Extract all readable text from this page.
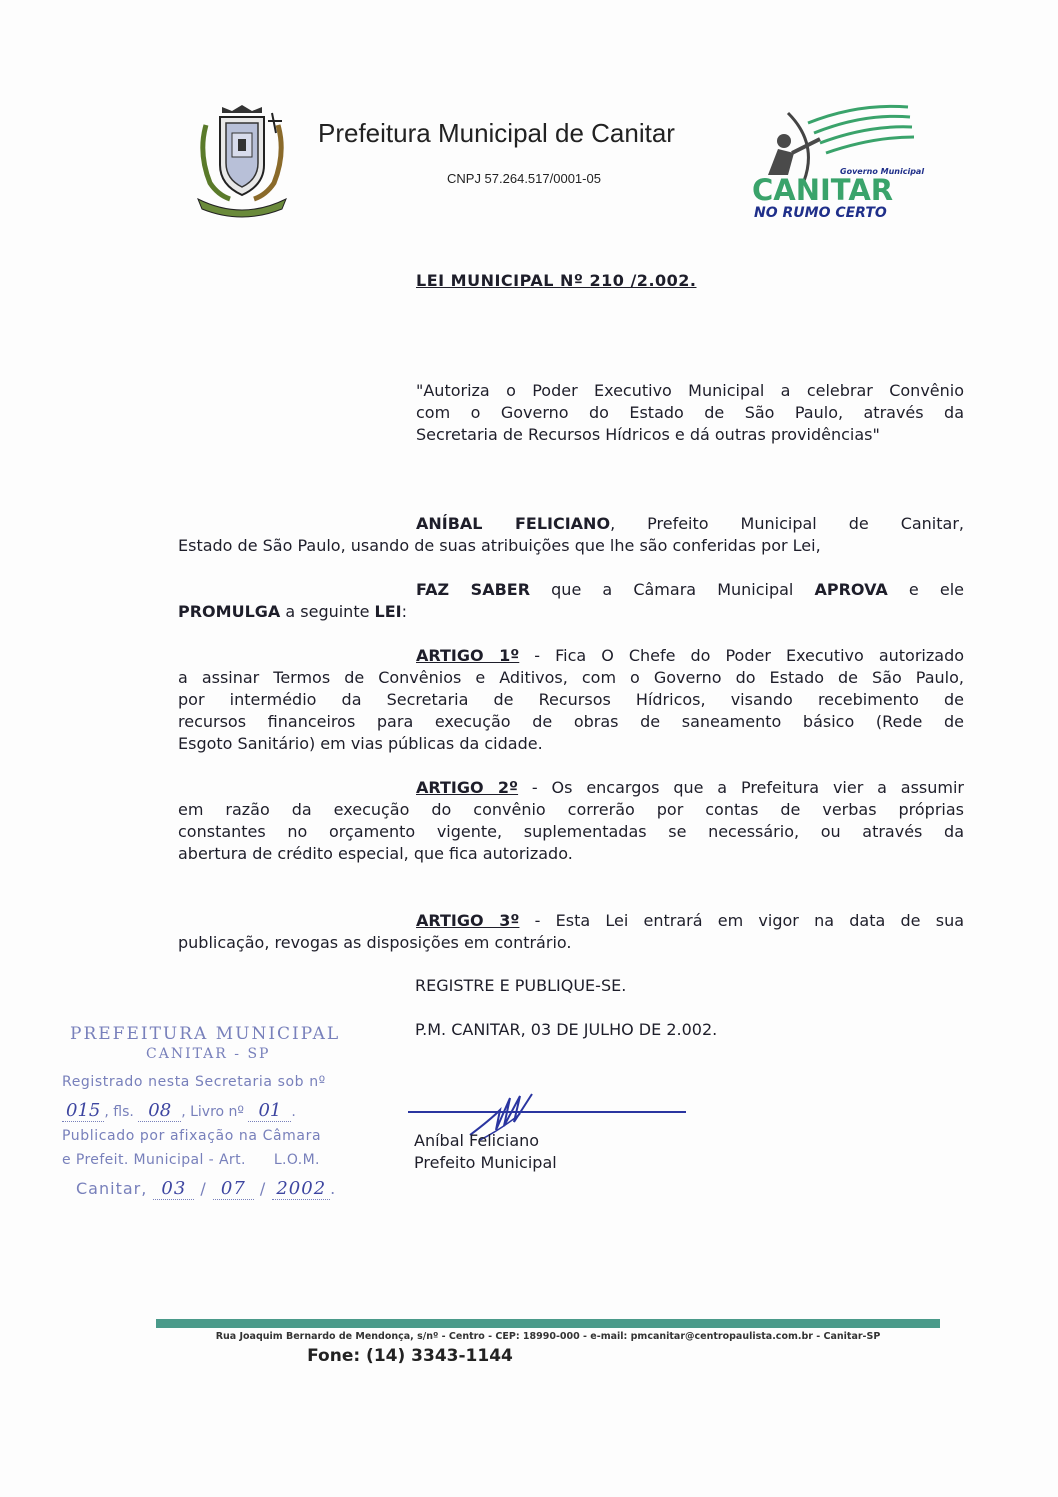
Prefeitura Municipal de Canitar
CNPJ 57.264.517/0001-05	Governo Municipal
CANITAR
NO RUMO CERTO
LEI MUNICIPAL Nº 210 /2.002.
"Autoriza o Poder Executivo Municipal a celebrar Convênio
com o Governo do Estado de São Paulo, através da
Secretaria de Recursos Hídricos e dá outras providências"
ANÍBAL FELICIANO, Prefeito Municipal de Canitar,
Estado de São Paulo, usando de suas atribuições que lhe são conferidas por Lei,
FAZ SABER que a Câmara Municipal APROVA e ele
PROMULGA a seguinte LEI:
ARTIGO 1º - Fica O Chefe do Poder Executivo autorizado
a assinar Termos de Convênios e Aditivos, com o Governo do Estado de São Paulo,
por intermédio da Secretaria de Recursos Hídricos, visando recebimento de
recursos financeiros para execução de obras de saneamento básico (Rede de
Esgoto Sanitário) em vias públicas da cidade.
ARTIGO 2º - Os encargos que a Prefeitura vier a assumir
em razão da execução do convênio correrão por contas de verbas próprias
constantes no orçamento vigente, suplementadas se necessário, ou através da
abertura de crédito especial, que fica autorizado.
ARTIGO 3º - Esta Lei entrará em vigor na data de sua
publicação, revogas as disposições em contrário.
REGISTRE E PUBLIQUE-SE.
P.M. CANITAR, 03 DE JULHO DE 2.002.
PREFEITURA MUNICIPAL
CANITAR - SP
Registrado nesta Secretaria sob nº
015 , fls. 08 , Livro nº 01 .
Publicado por afixação na Câmara
e Prefeit. Municipal - Art. L.O.M.
Canitar, 03 / 07 / 2002 .
Aníbal Feliciano
Prefeito Municipal
Rua Joaquim Bernardo de Mendonça, s/nº - Centro - CEP: 18990-000 - e-mail: pmcanitar@centropaulista.com.br - Canitar-SP
Fone: (14) 3343-1144
